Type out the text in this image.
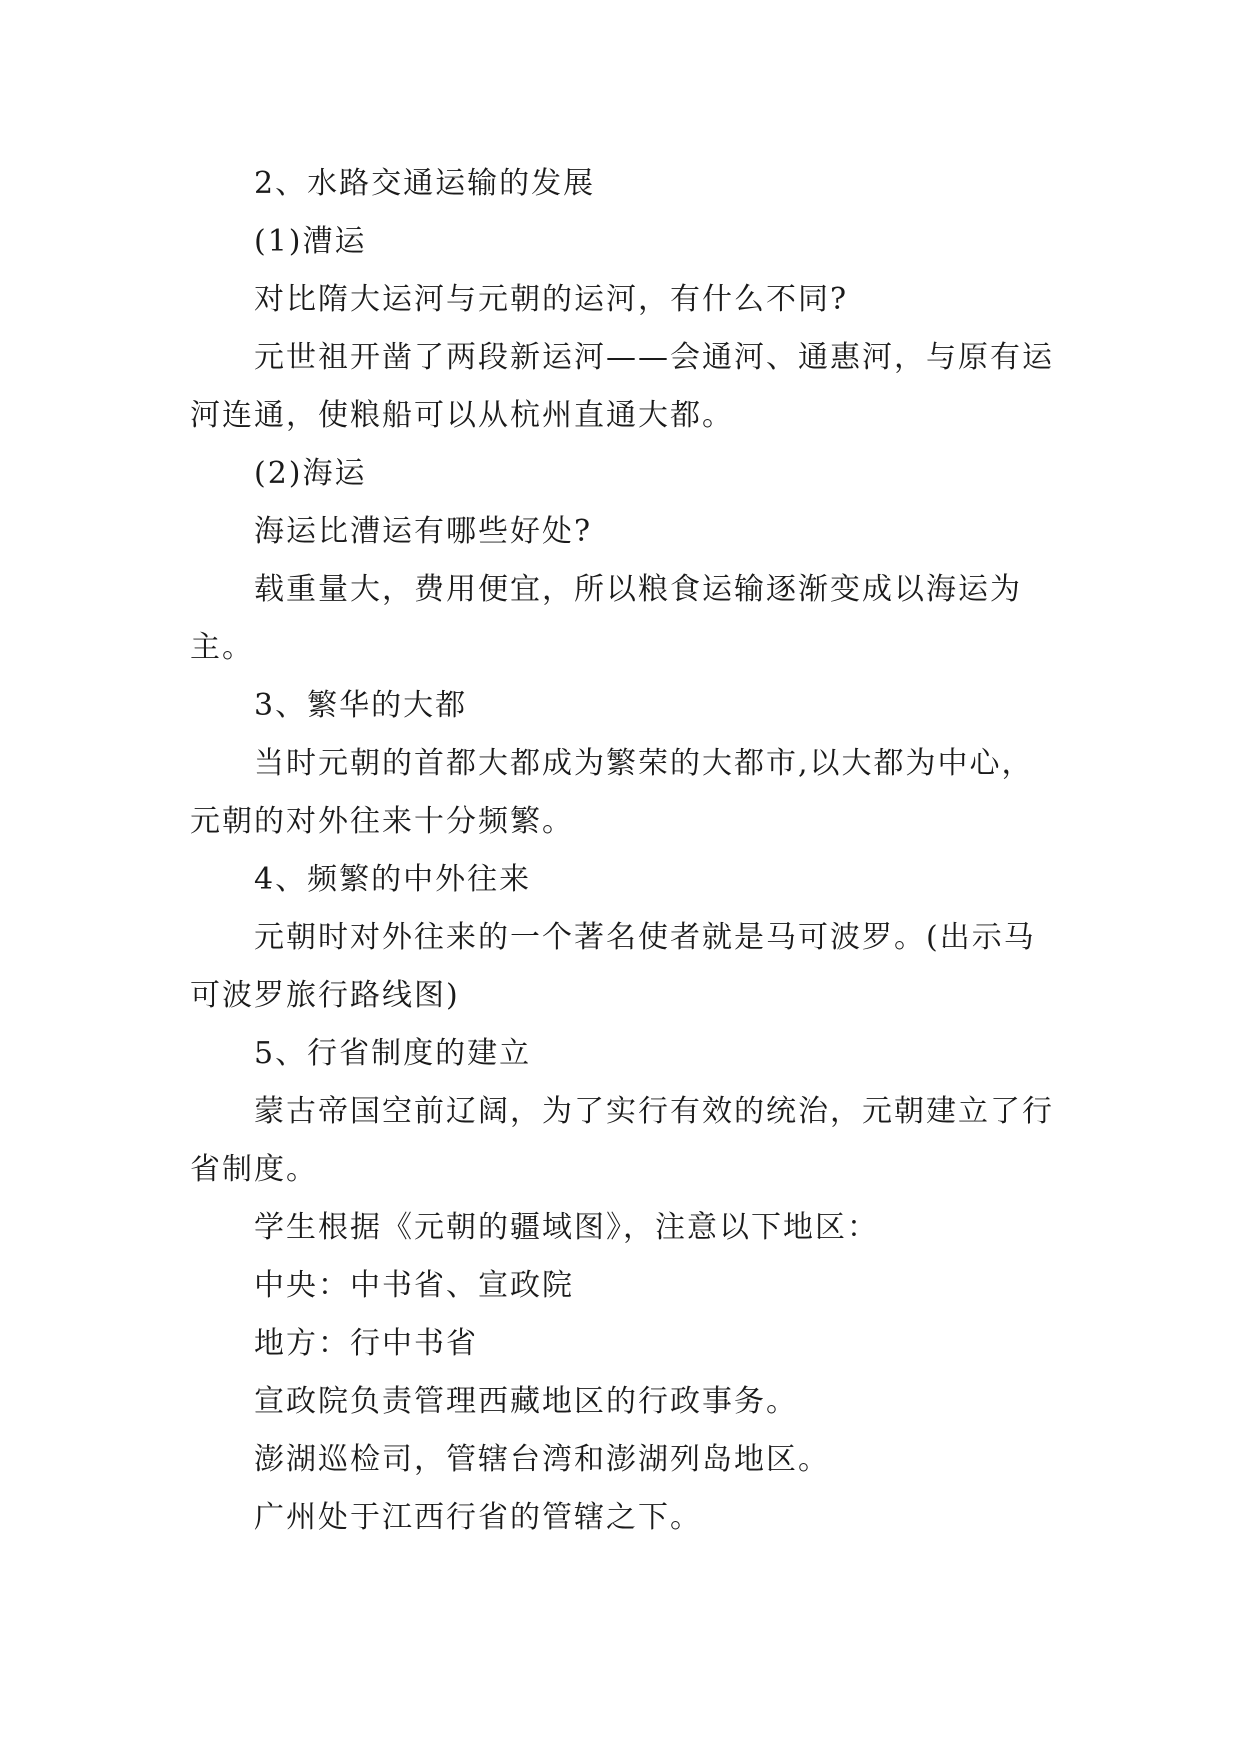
2、水路交通运输的发展

(1)漕运

对比隋大运河与元朝的运河，有什么不同?

元世祖开凿了两段新运河——会通河、通惠河，与原有运河连通，使粮船可以从杭州直通大都。

(2)海运

海运比漕运有哪些好处?

载重量大，费用便宜，所以粮食运输逐渐变成以海运为主。

3、繁华的大都

当时元朝的首都大都成为繁荣的大都市,以大都为中心，元朝的对外往来十分频繁。

4、频繁的中外往来

元朝时对外往来的一个著名使者就是马可波罗。(出示马可波罗旅行路线图)

5、行省制度的建立

蒙古帝国空前辽阔，为了实行有效的统治，元朝建立了行省制度。

学生根据《元朝的疆域图》，注意以下地区：

中央：中书省、宣政院

地方：行中书省

宣政院负责管理西藏地区的行政事务。

澎湖巡检司，管辖台湾和澎湖列岛地区。

广州处于江西行省的管辖之下。
